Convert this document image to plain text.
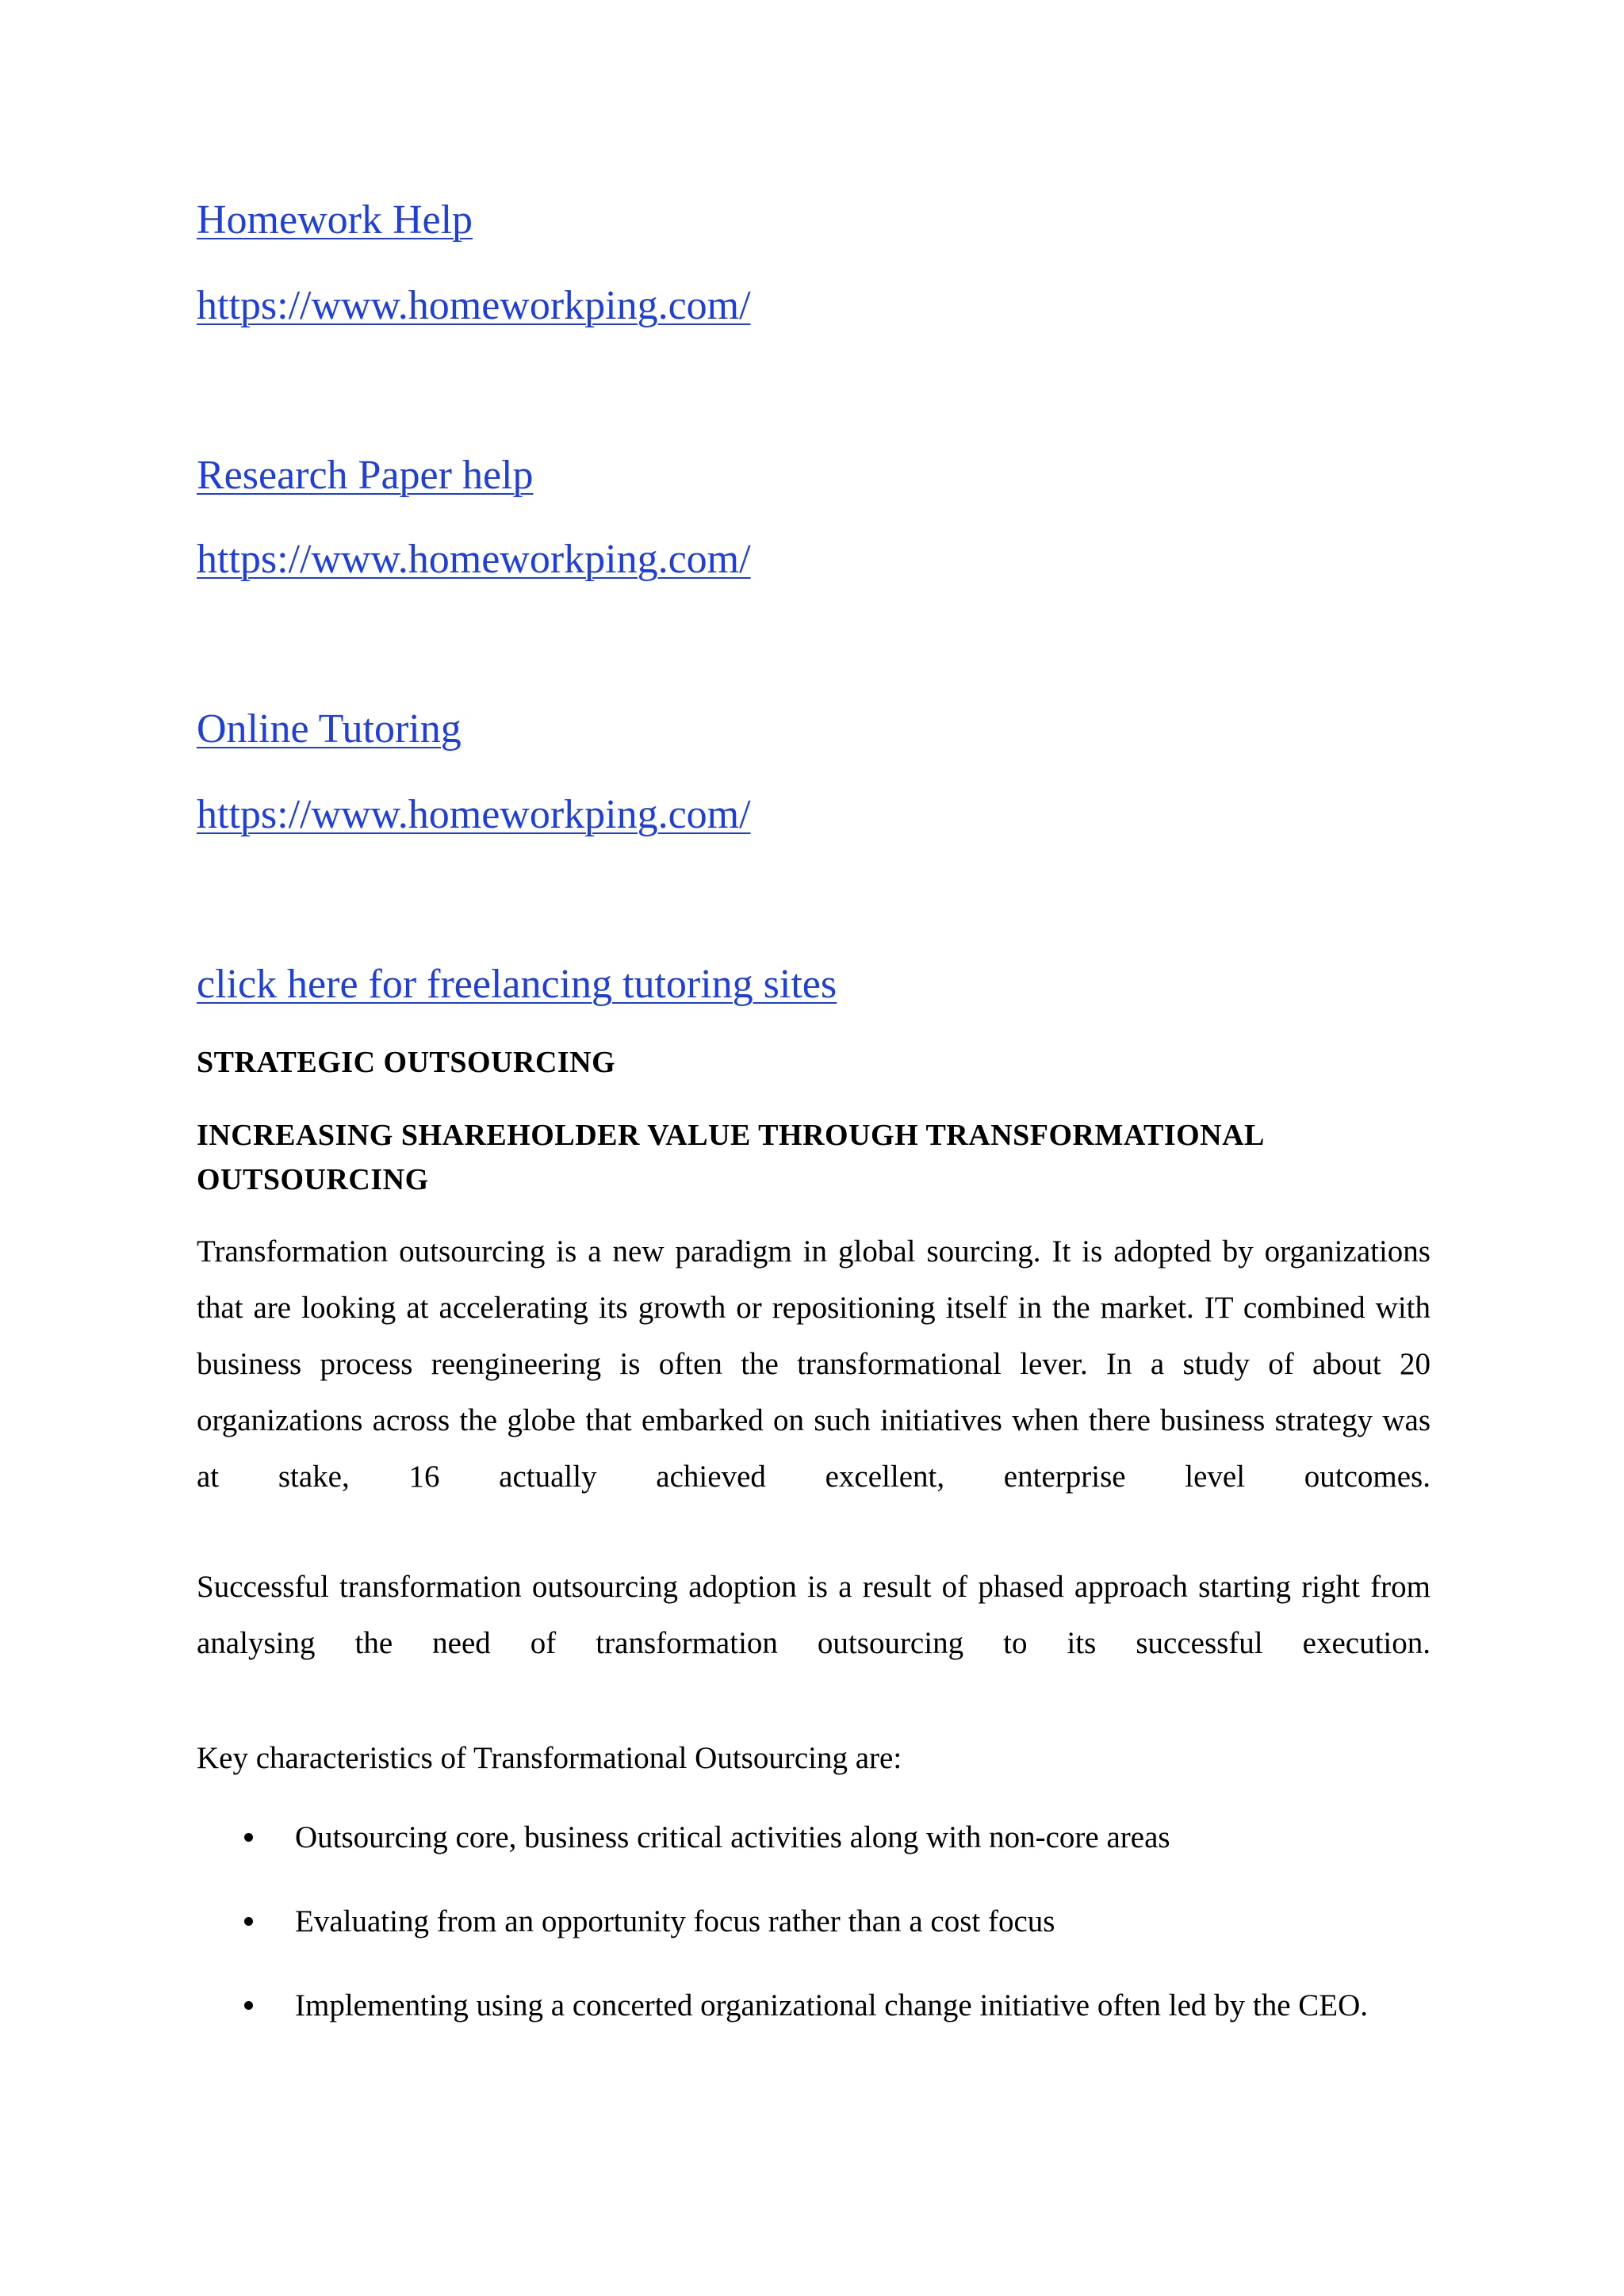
Homework Help
https://www.homeworkping.com/
Research Paper help
https://www.homeworkping.com/
Online Tutoring
https://www.homeworkping.com/
click here for freelancing tutoring sites
STRATEGIC OUTSOURCING
INCREASING SHAREHOLDER VALUE THROUGH TRANSFORMATIONAL OUTSOURCING
Transformation outsourcing is a new paradigm in global sourcing. It is adopted by organizations that are looking at accelerating its growth or repositioning itself in the market. IT combined with business process reengineering is often the transformational lever. In a study of about 20 organizations across the globe that embarked on such initiatives when there business strategy was at stake, 16 actually achieved excellent, enterprise level outcomes.
Successful transformation outsourcing adoption is a result of phased approach starting right from analysing the need of transformation outsourcing to its successful execution.
Key characteristics of Transformational Outsourcing are:
Outsourcing core, business critical activities along with non-core areas
Evaluating from an opportunity focus rather than a cost focus
Implementing using a concerted organizational change initiative often led by the CEO.
